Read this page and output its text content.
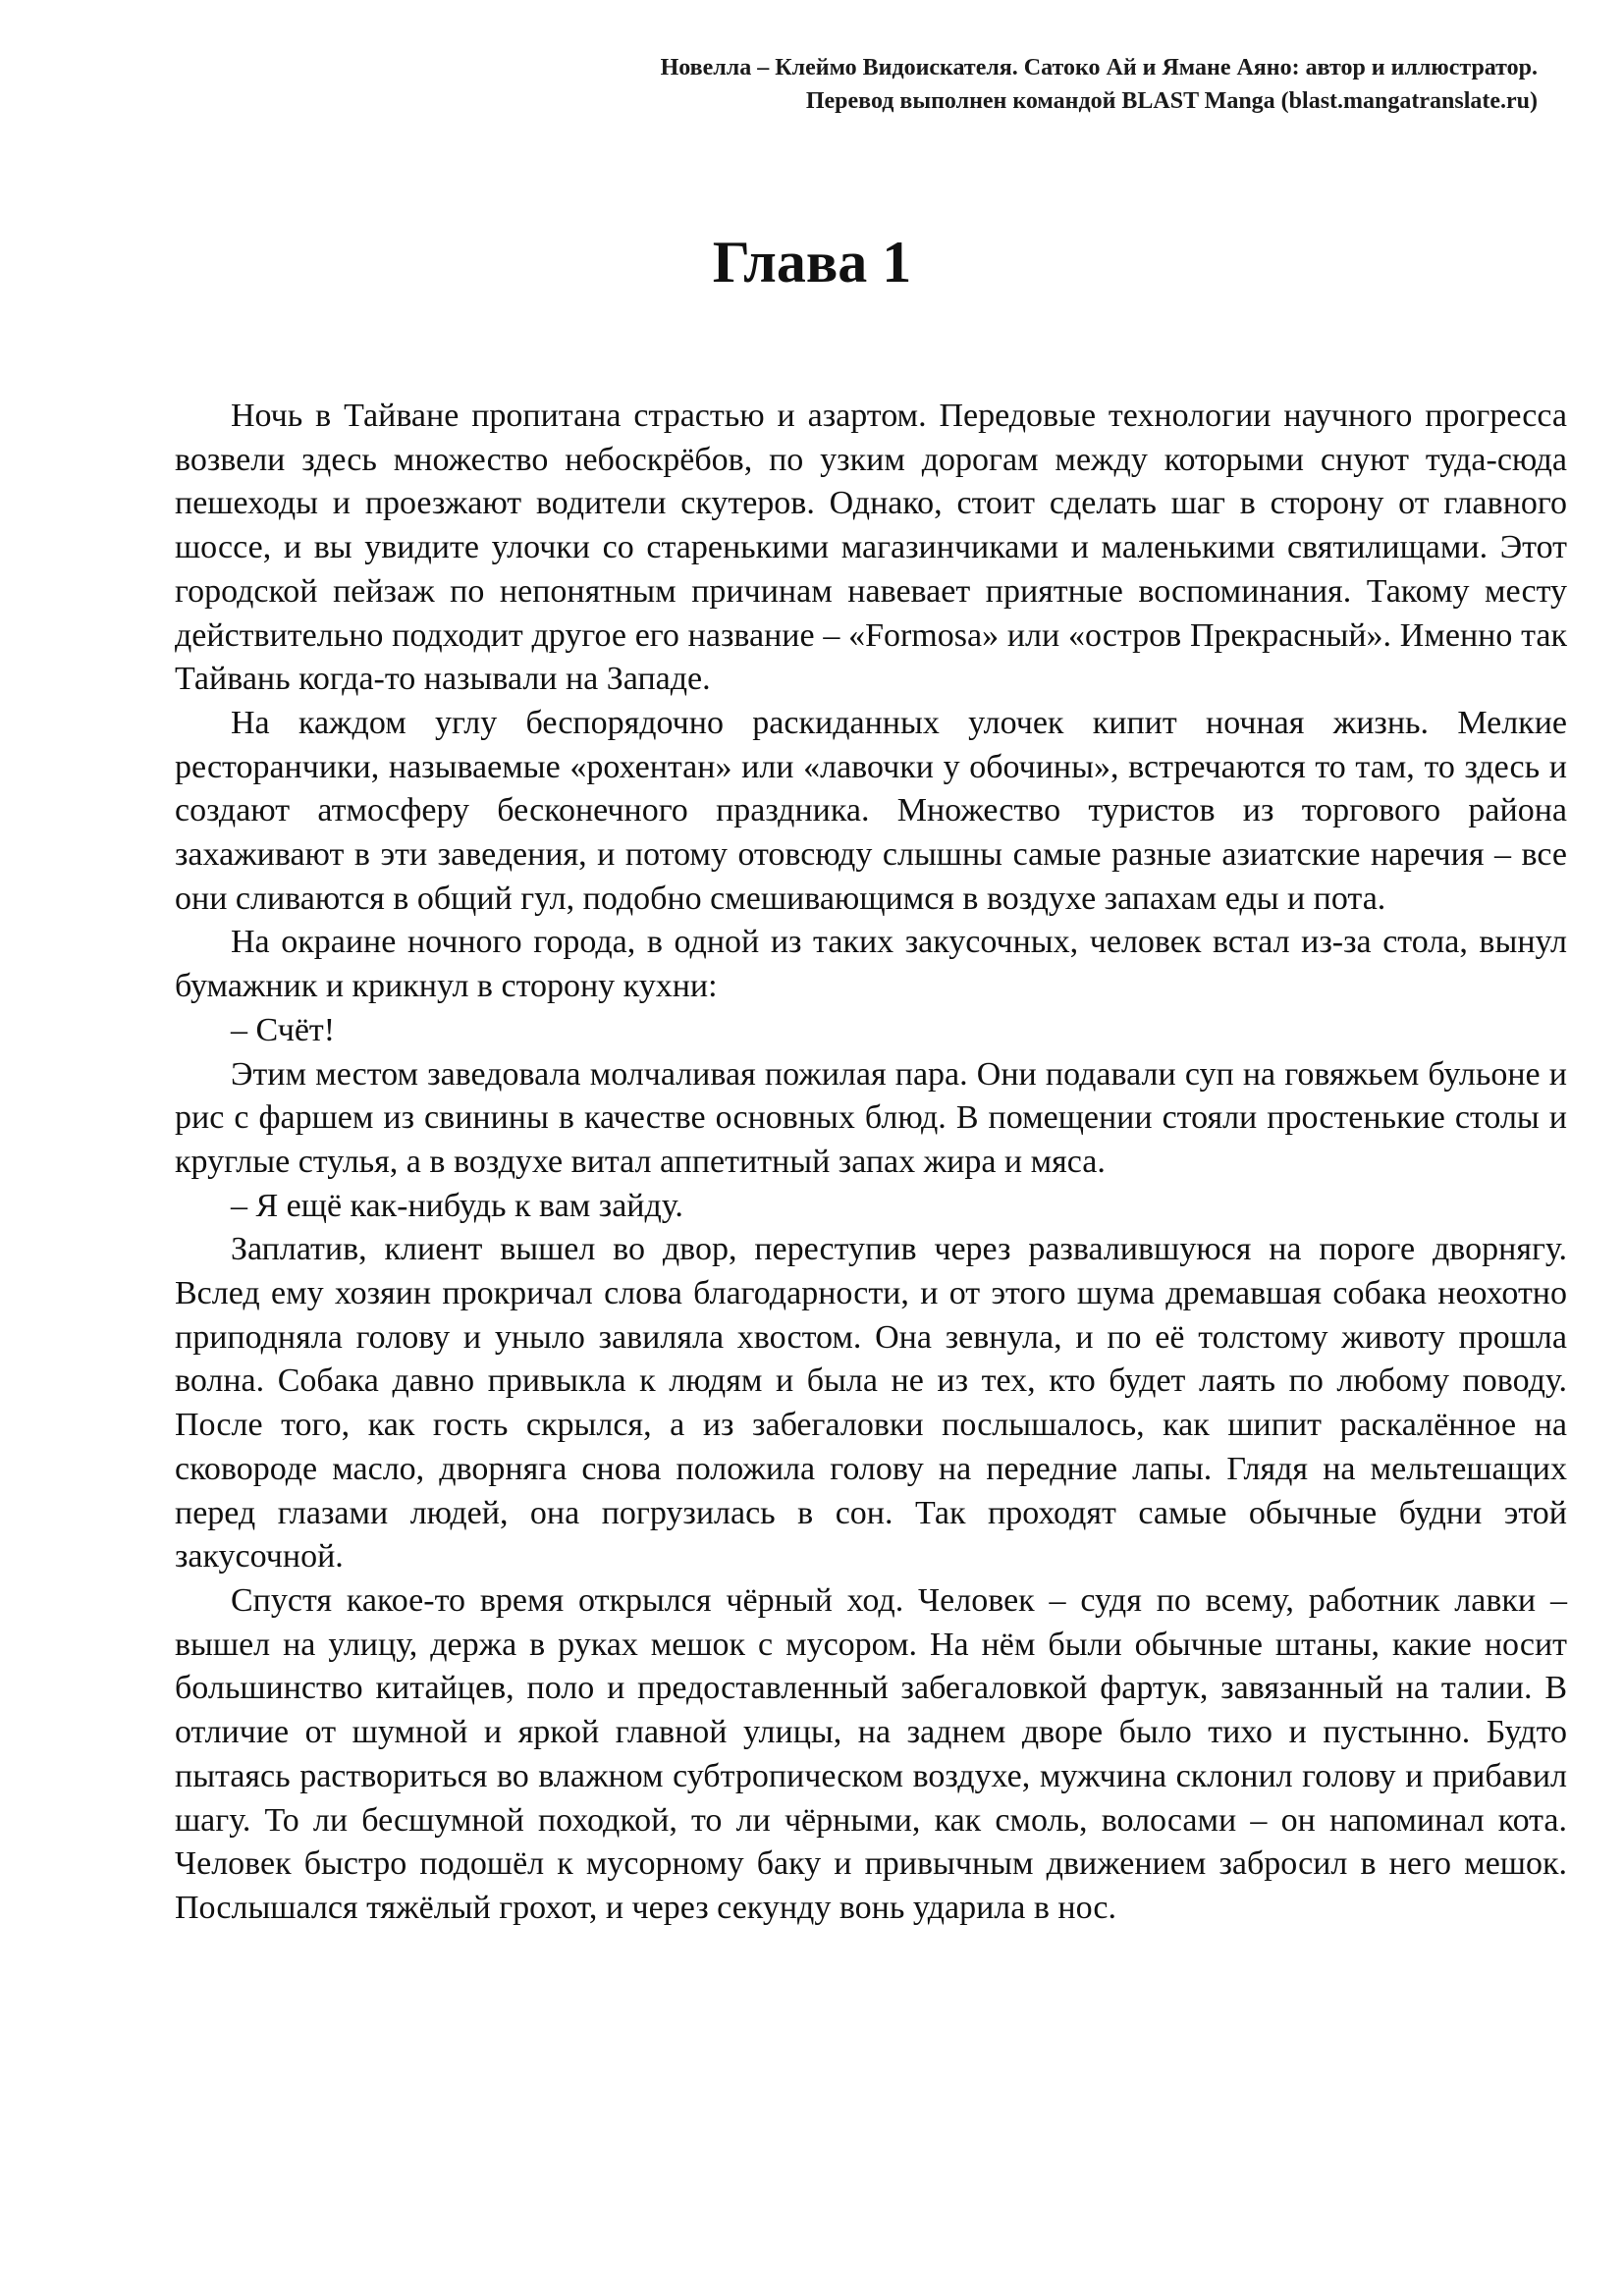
Новелла – Клеймо Видоискателя. Сатоко Ай и Ямане Аяно: автор и иллюстратор.
Перевод выполнен командой BLAST Manga (blast.mangatranslate.ru)
Глава 1

Ночь в Тайване пропитана страстью и азартом. Передовые технологии научного прогресса возвели здесь множество небоскрёбов, по узким дорогам между которыми снуют туда-сюда пешеходы и проезжают водители скутеров. Однако, стоит сделать шаг в сторону от главного шоссе, и вы увидите улочки со старенькими магазинчиками и маленькими святилищами. Этот городской пейзаж по непонятным причинам навевает приятные воспоминания. Такому месту действительно подходит другое его название – «Formosa» или «остров Прекрасный». Именно так Тайвань когда-то называли на Западе.

На каждом углу беспорядочно раскиданных улочек кипит ночная жизнь. Мелкие ресторанчики, называемые «рохентан» или «лавочки у обочины», встречаются то там, то здесь и создают атмосферу бесконечного праздника. Множество туристов из торгового района захаживают в эти заведения, и потому отовсюду слышны самые разные азиатские наречия – все они сливаются в общий гул, подобно смешивающимся в воздухе запахам еды и пота.

На окраине ночного города, в одной из таких закусочных, человек встал из-за стола, вынул бумажник и крикнул в сторону кухни:

– Счёт!

Этим местом заведовала молчаливая пожилая пара. Они подавали суп на говяжьем бульоне и рис с фаршем из свинины в качестве основных блюд. В помещении стояли простенькие столы и круглые стулья, а в воздухе витал аппетитный запах жира и мяса.

– Я ещё как-нибудь к вам зайду.

Заплатив, клиент вышел во двор, переступив через развалившуюся на пороге дворнягу. Вслед ему хозяин прокричал слова благодарности, и от этого шума дремавшая собака неохотно приподняла голову и уныло завиляла хвостом. Она зевнула, и по её толстому животу прошла волна. Собака давно привыкла к людям и была не из тех, кто будет лаять по любому поводу. После того, как гость скрылся, а из забегаловки послышалось, как шипит раскалённое на сковороде масло, дворняга снова положила голову на передние лапы. Глядя на мельтешащих перед глазами людей, она погрузилась в сон. Так проходят самые обычные будни этой закусочной.

Спустя какое-то время открылся чёрный ход. Человек – судя по всему, работник лавки – вышел на улицу, держа в руках мешок с мусором. На нём были обычные штаны, какие носит большинство китайцев, поло и предоставленный забегаловкой фартук, завязанный на талии. В отличие от шумной и яркой главной улицы, на заднем дворе было тихо и пустынно. Будто пытаясь раствориться во влажном субтропическом воздухе, мужчина склонил голову и прибавил шагу. То ли бесшумной походкой, то ли чёрными, как смоль, волосами – он напоминал кота. Человек быстро подошёл к мусорному баку и привычным движением забросил в него мешок. Послышался тяжёлый грохот, и через секунду вонь ударила в нос.
